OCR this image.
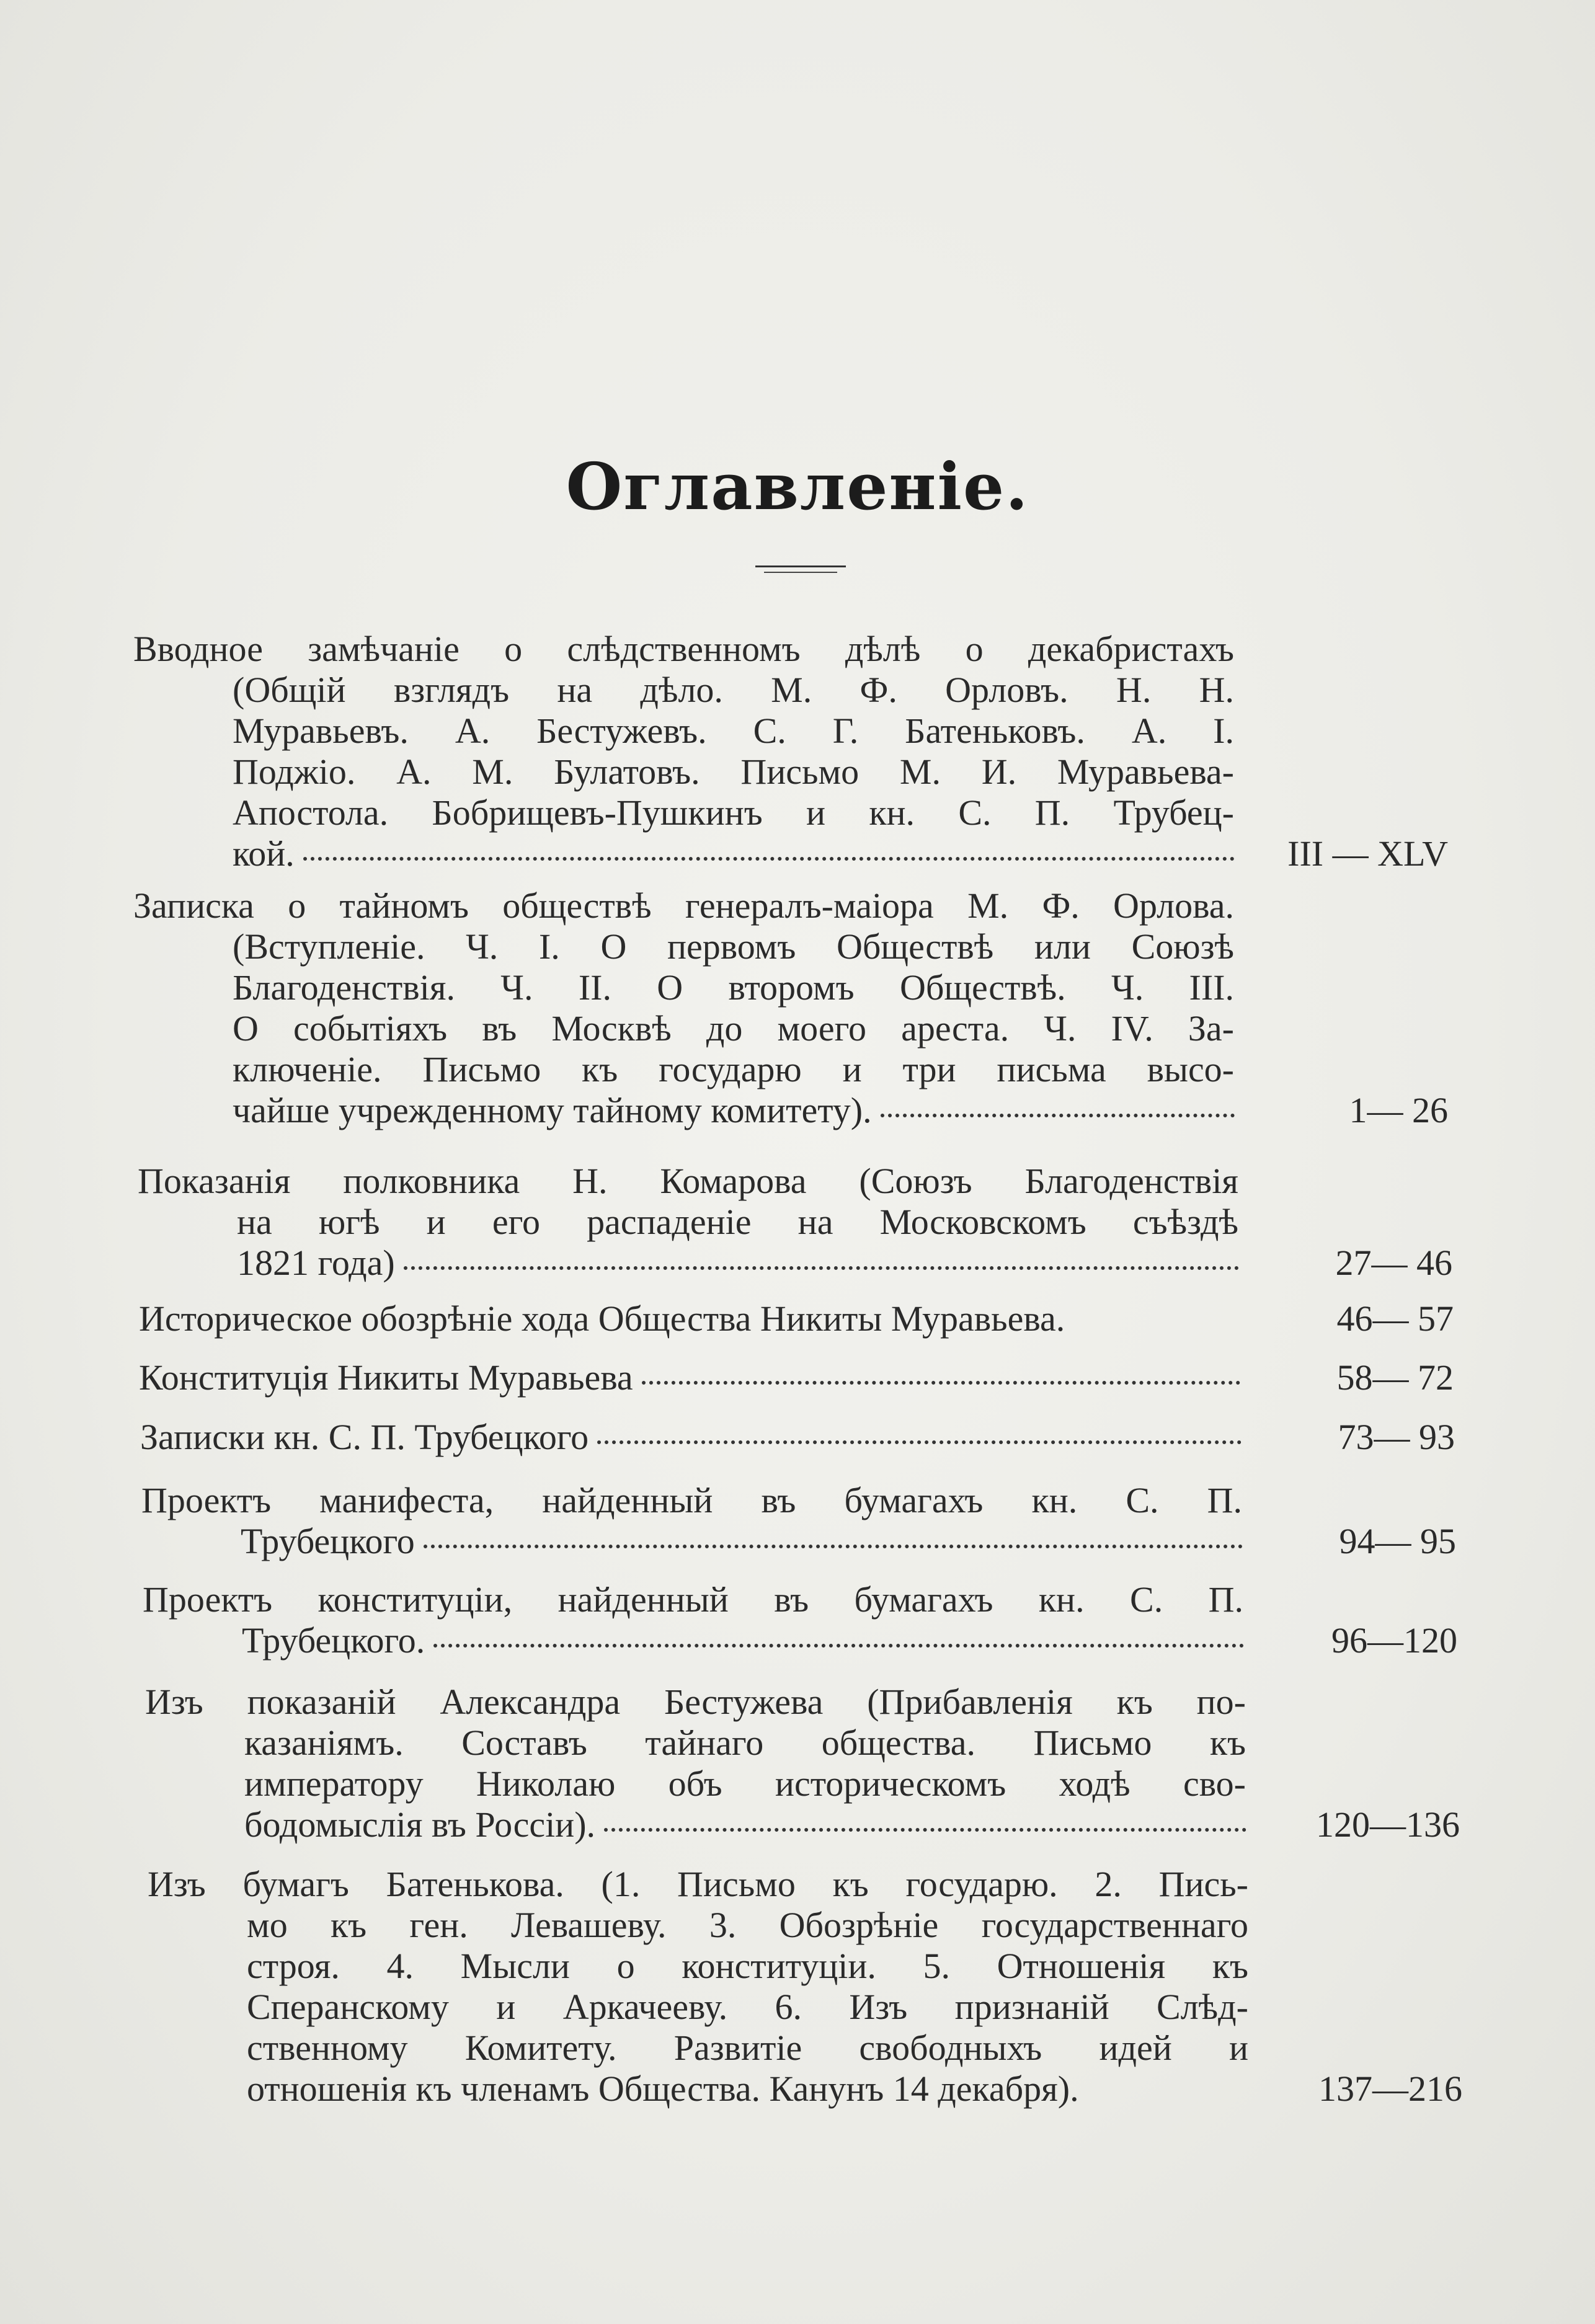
Оглавленіе.
Вводное замѣчаніе о слѣдственномъ дѣлѣ о декабристахъ
(Общій взглядъ на дѣло. М. Ф. Орловъ. Н. Н.
Муравьевъ. А. Бестужевъ. С. Г. Батеньковъ. А. I.
Поджіо. А. М. Булатовъ. Письмо М. И. Муравьева-
Апостола. Бобрищевъ-Пушкинъ и кн. С. П. Трубец-
кой.	III — XLV
Записка о тайномъ обществѣ генералъ-маіора М. Ф. Орлова.
(Вступленіе. Ч. I. О первомъ Обществѣ или Союзѣ
Благоденствія. Ч. II. О второмъ Обществѣ. Ч. III.
О событіяхъ въ Москвѣ до моего ареста. Ч. IV. За-
ключеніе. Письмо къ государю и три письма высо-
чайше учрежденному тайному комитету).	1— 26
Показанія полковника Н. Комарова (Союзъ Благоденствія
на югѣ и его распаденіе на Московскомъ съѣздѣ
1821 года)	27— 46
Историческое обозрѣніе хода Общества Никиты Муравьева.	46— 57
Конституція Никиты Муравьева	58— 72
Записки кн. С. П. Трубецкого	73— 93
Проектъ манифеста, найденный въ бумагахъ кн. С. П.
Трубецкого	94— 95
Проектъ конституціи, найденный въ бумагахъ кн. С. П.
Трубецкого.	96—120
Изъ показаній Александра Бестужева (Прибавленія къ по-
казаніямъ. Составъ тайнаго общества. Письмо къ
императору Николаю объ историческомъ ходѣ сво-
бодомыслія въ Россіи).	120—136
Изъ бумагъ Батенькова. (1. Письмо къ государю. 2. Пись-
мо къ ген. Левашеву. 3. Обозрѣніе государственнаго
строя. 4. Мысли о конституціи. 5. Отношенія къ
Сперанскому и Аркачееву. 6. Изъ признаній Слѣд-
ственному Комитету. Развитіе свободныхъ идей и
отношенія къ членамъ Общества. Канунъ 14 декабря).	137—216
